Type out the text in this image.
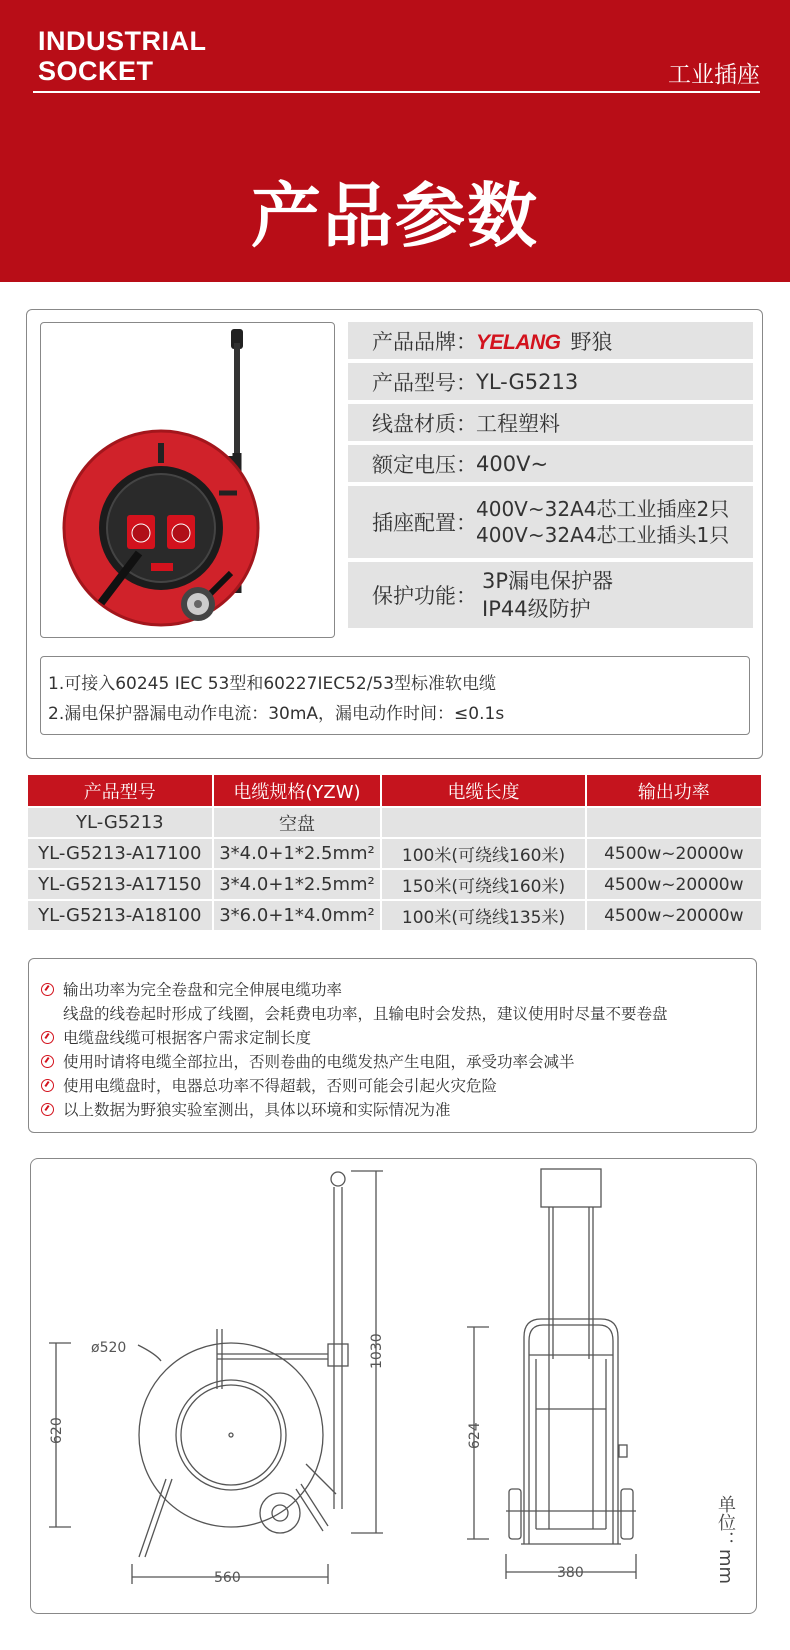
INDUSTRIAL
SOCKET	工业插座
产品参数
产品品牌： YELANG 野狼
产品型号： YL-G5213
线盘材质： 工程塑料
额定电压： 400V~
插座配置：
400V~32A4芯工业插座2只
400V~32A4芯工业插头1只
保护功能：
3P漏电保护器
IP44级防护
1.可接入60245 IEC 53型和60227IEC52/53型标准软电缆
2.漏电保护器漏电动作电流：30mA，漏电动作时间：≤0.1s
产品型号	电缆规格(YZW)	电缆长度	输出功率
YL-G5213	空盘		
YL-G5213-A17100	3*4.0+1*2.5mm²	100米(可绕线160米)	4500w~20000w
YL-G5213-A17150	3*4.0+1*2.5mm²	150米(可绕线160米)	4500w~20000w
YL-G5213-A18100	3*6.0+1*4.0mm²	100米(可绕线135米)	4500w~20000w
输出功率为完全卷盘和完全伸展电缆功率
线盘的线卷起时形成了线圈，会耗费电功率，且输电时会发热，建议使用时尽量不要卷盘
电缆盘线缆可根据客户需求定制长度
使用时请将电缆全部拉出，否则卷曲的电缆发热产生电阻，承受功率会减半
使用电缆盘时，电器总功率不得超载，否则可能会引起火灾危险
以上数据为野狼实验室测出，具体以环境和实际情况为准
ø520
620
1030
560
624
380	单位：mm
